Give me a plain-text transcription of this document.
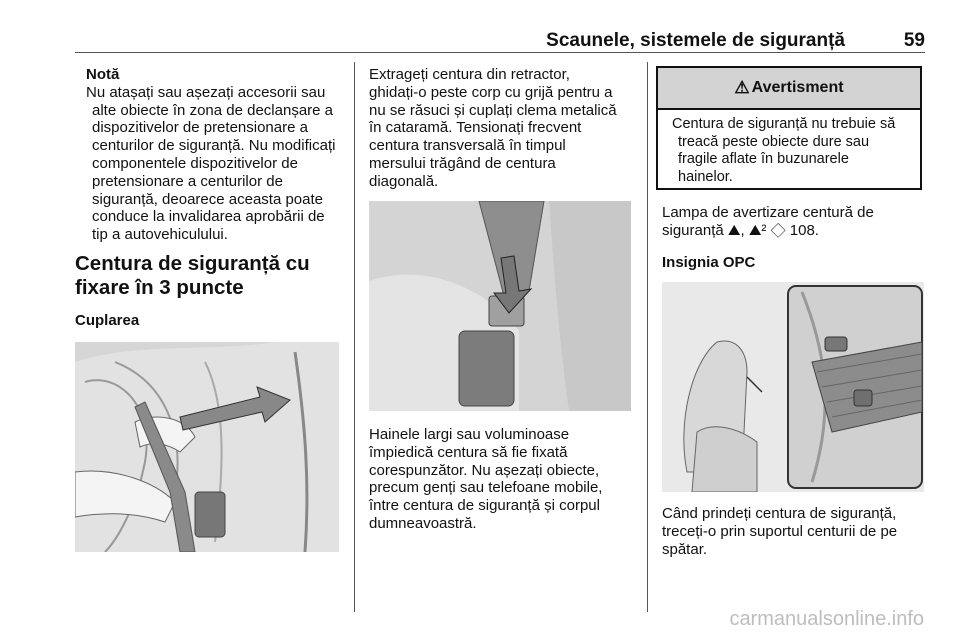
Scaunele, sistemele de siguranță	59

Notă

Nu atașați sau așezați accesorii sau
alte obiecte în zona de declanșare a
dispozitivelor de pretensionare a
centurilor de siguranță. Nu modificați
componentele dispozitivelor de
pretensionare a centurilor de
siguranță, deoarece aceasta poate
conduce la invalidarea aprobării de
tip a autovehiculului.

Centura de siguranță cu
fixare în 3 puncte

Cuplarea

Extrageți centura din retractor,
ghidați-o peste corp cu grijă pentru a
nu se răsuci și cuplați clema metalică
în cataramă. Tensionați frecvent
centura transversală în timpul
mersului trăgând de centura
diagonală.

Hainele largi sau voluminoase
împiedică centura să fie fixată
corespunzător. Nu așezați obiecte,
precum genți sau telefoane mobile,
între centura de siguranță și corpul
dumneavoastră.

⚠ Avertisment
Centura de siguranță nu trebuie să
treacă peste obiecte dure sau
fragile aflate în buzunarele
hainelor.

Lampa de avertizare centură de
siguranță ⛰, ⛰² ◇ 108.

Insignia OPC

Când prindeți centura de siguranță,
treceți-o prin suportul centurii de pe
spătar.

carmanualsonline.info
